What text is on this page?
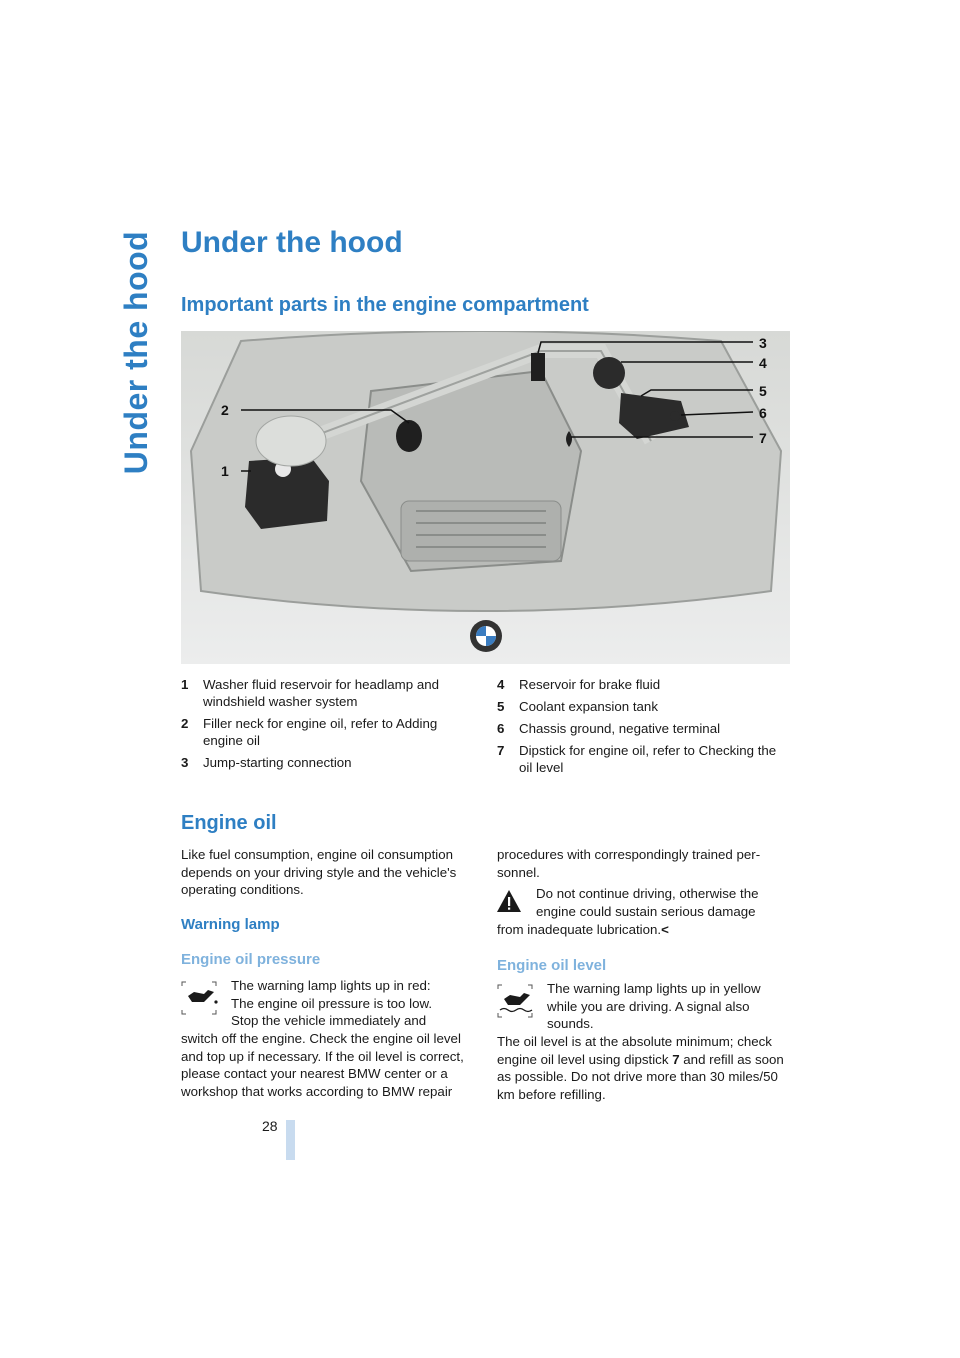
Under the hood Under the hood
Important parts in the engine compartment
2
1
3
4
5
6
7
1	Washer fluid reservoir for headlamp and windshield washer system
2	Filler neck for engine oil, refer to Adding engine oil
3	Jump-starting connection
4	Reservoir for brake fluid
5	Coolant expansion tank
6	Chassis ground, negative terminal
7	Dipstick for engine oil, refer to Checking the oil level
Engine oil

Like fuel consumption, engine oil consumption depends on your driving style and the vehicle's operating conditions.

Warning lamp
Engine oil pressure

The warning lamp lights up in red:

The engine oil pressure is too low.

Stop the vehicle immediately and

switch off the engine. Check the engine oil level and top up if necessary. If the oil level is correct, please contact your nearest BMW center or a workshop that works according to BMW repair

procedures with correspondingly trained per-sonnel.

Do not continue driving, otherwise the

engine could sustain serious damage

from inadequate lubrication.<

Engine oil level

The warning lamp lights up in yellow

while you are driving. A signal also

sounds.

The oil level is at the absolute minimum; check engine oil level using dipstick 7 and refill as soon as possible. Do not drive more than 30 miles/50 km before refilling.

28
